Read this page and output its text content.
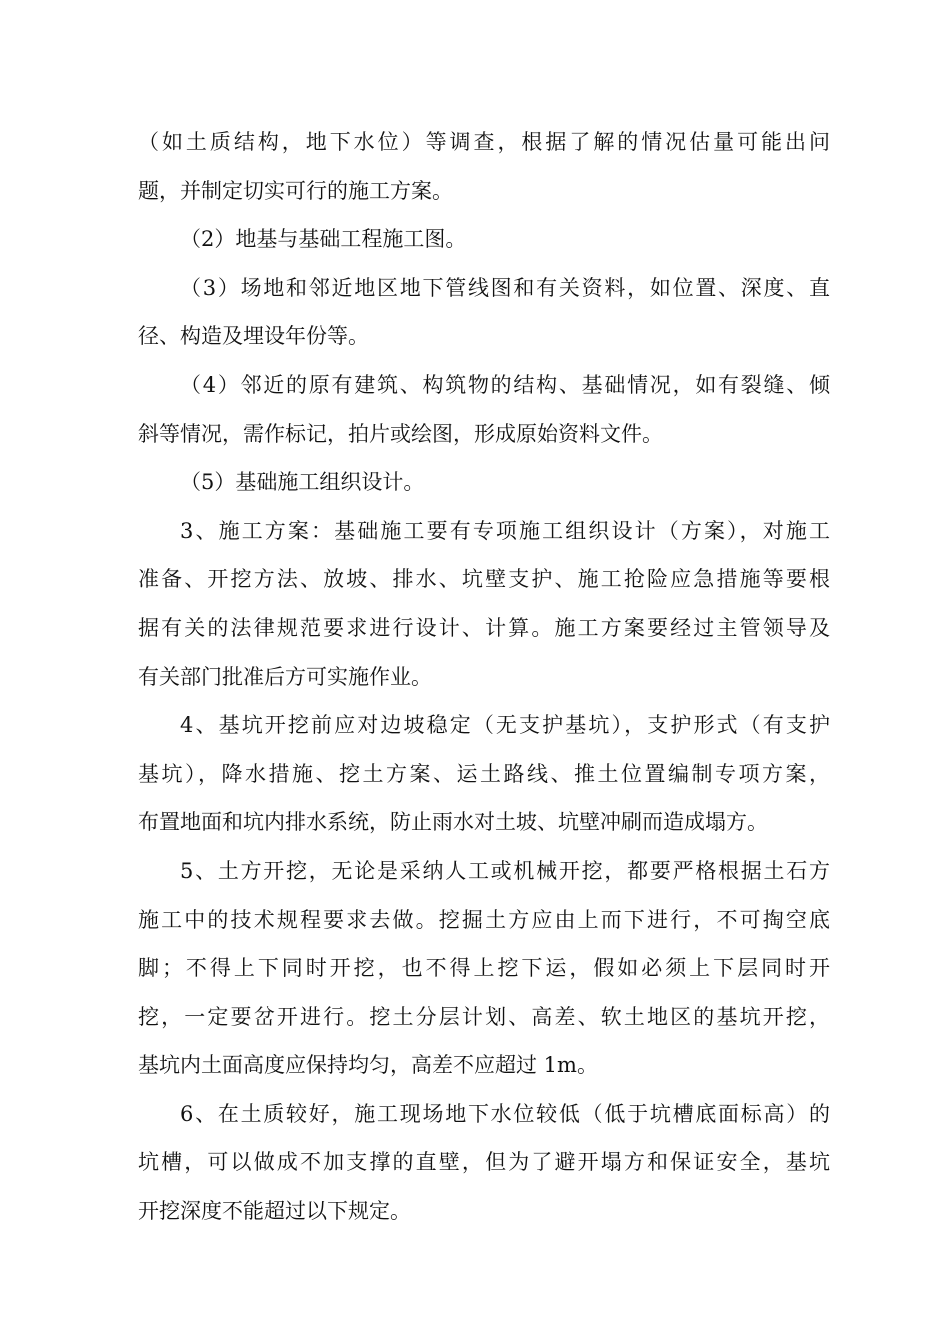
（如土质结构，地下水位）等调查，根据了解的情况估量可能出问
题，并制定切实可行的施工方案。

（2）地基与基础工程施工图。

（3）场地和邻近地区地下管线图和有关资料，如位置、深度、直
径、构造及埋设年份等。

（4）邻近的原有建筑、构筑物的结构、基础情况，如有裂缝、倾
斜等情况，需作标记，拍片或绘图，形成原始资料文件。

（5）基础施工组织设计。

3、施工方案：基础施工要有专项施工组织设计（方案），对施工
准备、开挖方法、放坡、排水、坑壁支护、施工抢险应急措施等要根
据有关的法律规范要求进行设计、计算。施工方案要经过主管领导及
有关部门批准后方可实施作业。

4、基坑开挖前应对边坡稳定（无支护基坑），支护形式（有支护
基坑），降水措施、挖土方案、运土路线、推土位置编制专项方案，
布置地面和坑内排水系统，防止雨水对土坡、坑壁冲刷而造成塌方。

5、土方开挖，无论是采纳人工或机械开挖，都要严格根据土石方
施工中的技术规程要求去做。挖掘土方应由上而下进行，不可掏空底
脚；不得上下同时开挖，也不得上挖下运，假如必须上下层同时开
挖，一定要岔开进行。挖土分层计划、高差、软土地区的基坑开挖，
基坑内土面高度应保持均匀，高差不应超过 1m。

6、在土质较好，施工现场地下水位较低（低于坑槽底面标高）的
坑槽，可以做成不加支撑的直壁，但为了避开塌方和保证安全，基坑
开挖深度不能超过以下规定。
